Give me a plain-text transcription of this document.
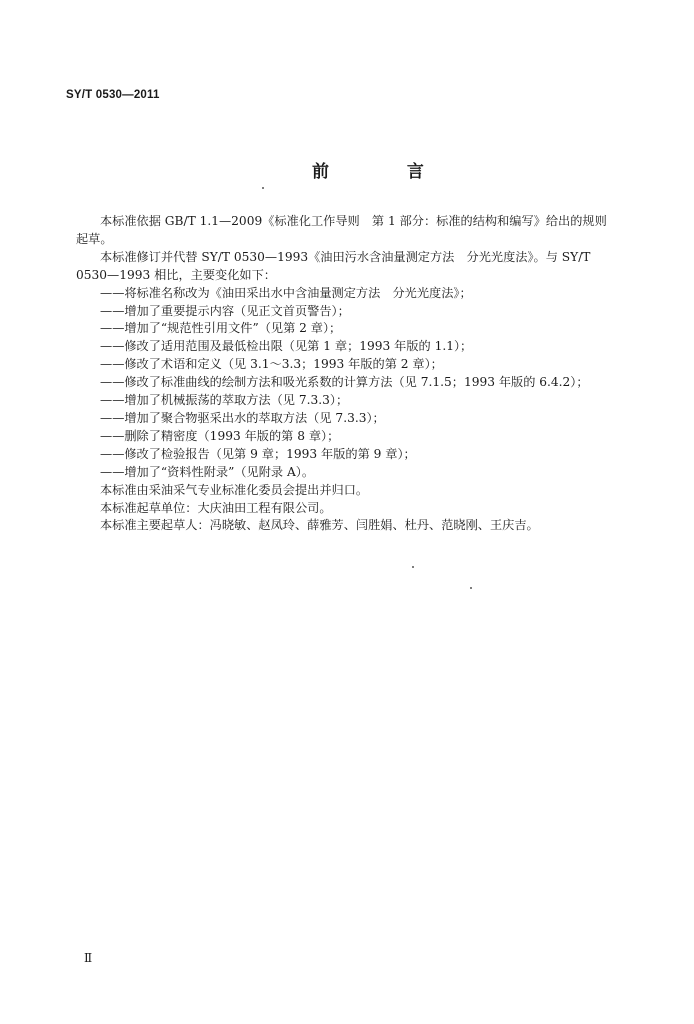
SY/T 0530—2011
前 言
本标准依据 GB/T 1.1—2009《标准化工作导则　第 1 部分：标准的结构和编写》给出的规则
起草。
本标准修订并代替 SY/T 0530—1993《油田污水含油量测定方法　分光光度法》。与 SY/T
0530—1993 相比，主要变化如下：
——将标准名称改为《油田采出水中含油量测定方法　分光光度法》；
——增加了重要提示内容（见正文首页警告）；
——增加了“规范性引用文件”（见第 2 章）；
——修改了适用范围及最低检出限（见第 1 章；1993 年版的 1.1）；
——修改了术语和定义（见 3.1～3.3；1993 年版的第 2 章）；
——修改了标准曲线的绘制方法和吸光系数的计算方法（见 7.1.5；1993 年版的 6.4.2）；
——增加了机械振荡的萃取方法（见 7.3.3）；
——增加了聚合物驱采出水的萃取方法（见 7.3.3）；
——删除了精密度（1993 年版的第 8 章）；
——修改了检验报告（见第 9 章；1993 年版的第 9 章）；
——增加了“资料性附录”（见附录 A）。
本标准由采油采气专业标准化委员会提出并归口。
本标准起草单位：大庆油田工程有限公司。
本标准主要起草人：冯晓敏、赵凤玲、薛雅芳、闫胜娟、杜丹、范晓刚、王庆吉。
Ⅱ
